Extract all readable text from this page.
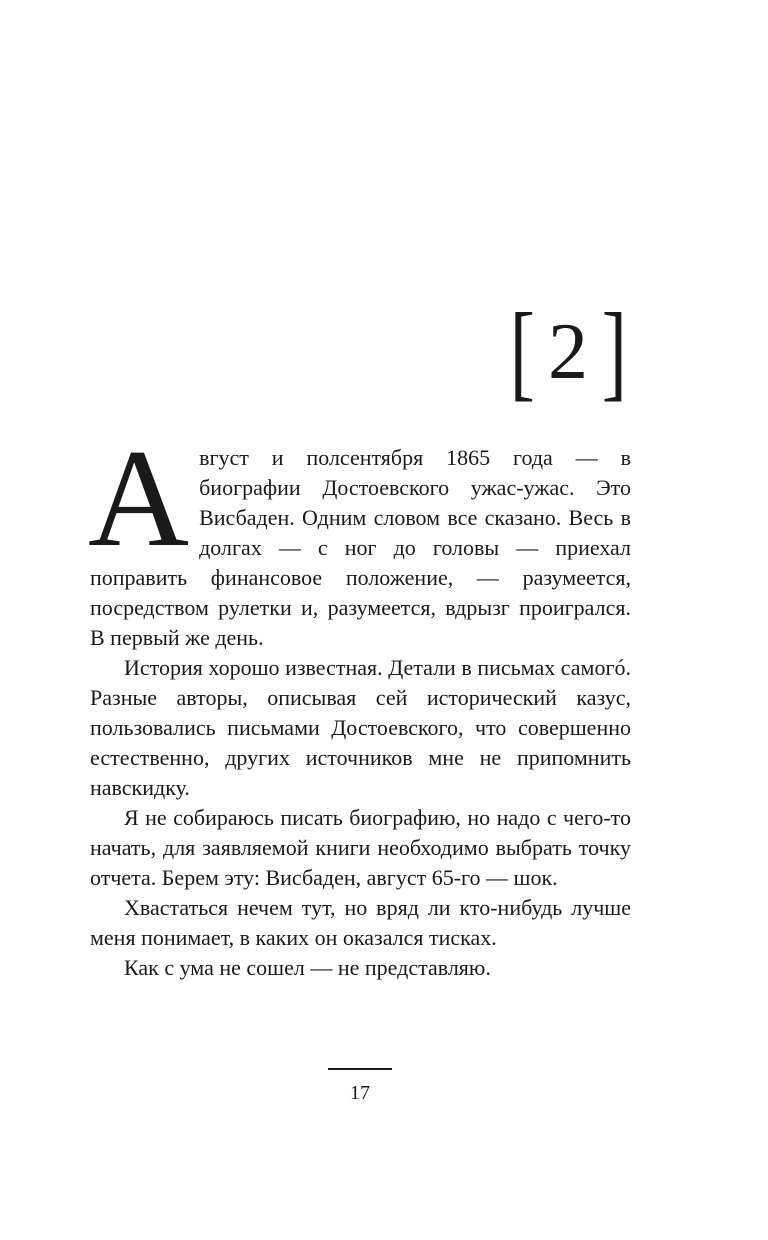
[ 2 ]

Август и полсентября 1865 года — в биографии Достоевского ужас-ужас. Это Висбаден. Одним словом все сказано. Весь в долгах — с ног до головы — приехал поправить финансовое положение, — разумеется, посредством рулетки и, разумеется, вдрызг проигрался. В первый же день.

История хорошо известная. Детали в письмах самогó. Разные авторы, описывая сей исторический казус, пользовались письмами Достоевского, что совершенно естественно, других источников мне не припомнить навскидку.

Я не собираюсь писать биографию, но надо с чего-то начать, для заявляемой книги необходимо выбрать точку отчета. Берем эту: Висбаден, август 65-го — шок.

Хвастаться нечем тут, но вряд ли кто-нибудь лучше меня понимает, в каких он оказался тисках.

Как с ума не сошел — не представляю.

17
